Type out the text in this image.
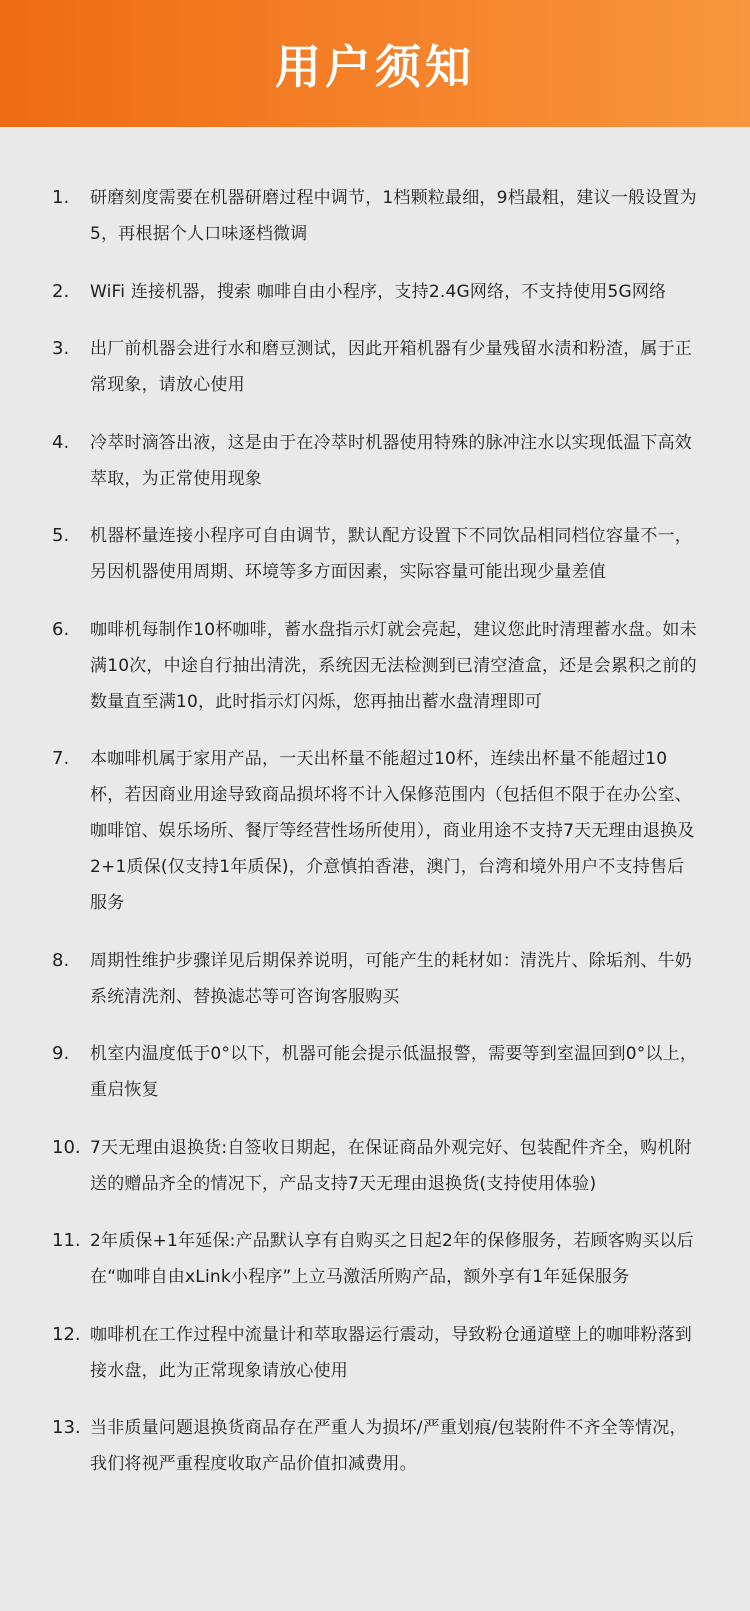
用户须知
1.	研磨刻度需要在机器研磨过程中调节，1档颗粒最细，9档最粗，建议一般设置为5，再根据个人口味逐档微调
2.	WiFi 连接机器，搜索 咖啡自由小程序，支持2.4G网络，不支持使用5G网络
3.	出厂前机器会进行水和磨豆测试，因此开箱机器有少量残留水渍和粉渣，属于正常现象，请放心使用
4.	冷萃时滴答出液，这是由于在冷萃时机器使用特殊的脉冲注水以实现低温下高效萃取，为正常使用现象
5.	机器杯量连接小程序可自由调节，默认配方设置下不同饮品相同档位容量不一，另因机器使用周期、环境等多方面因素，实际容量可能出现少量差值
6.	咖啡机每制作10杯咖啡，蓄水盘指示灯就会亮起，建议您此时清理蓄水盘。如未满10次，中途自行抽出清洗，系统因无法检测到已清空渣盒，还是会累积之前的数量直至满10，此时指示灯闪烁，您再抽出蓄水盘清理即可
7.	本咖啡机属于家用产品，一天出杯量不能超过10杯，连续出杯量不能超过10杯，若因商业用途导致商品损坏将不计入保修范围内（包括但不限于在办公室、咖啡馆、娱乐场所、餐厅等经营性场所使用），商业用途不支持7天无理由退换及2+1质保(仅支持1年质保)，介意慎拍香港，澳门，台湾和境外用户不支持售后服务
8.	周期性维护步骤详见后期保养说明，可能产生的耗材如：清洗片、除垢剂、牛奶系统清洗剂、替换滤芯等可咨询客服购买
9.	机室内温度低于0°以下，机器可能会提示低温报警，需要等到室温回到0°以上，重启恢复
10. 7天无理由退换货:自签收日期起，在保证商品外观完好、包装配件齐全，购机附送的赠品齐全的情况下，产品支持7天无理由退换货(支持使用体验)
11. 2年质保+1年延保:产品默认享有自购买之日起2年的保修服务，若顾客购买以后在“咖啡自由xLink小程序”上立马激活所购产品，额外享有1年延保服务
12. 咖啡机在工作过程中流量计和萃取器运行震动，导致粉仓通道壁上的咖啡粉落到接水盘，此为正常现象请放心使用
13. 当非质量问题退换货商品存在严重人为损坏/严重划痕/包装附件不齐全等情况，我们将视严重程度收取产品价值扣减费用。
